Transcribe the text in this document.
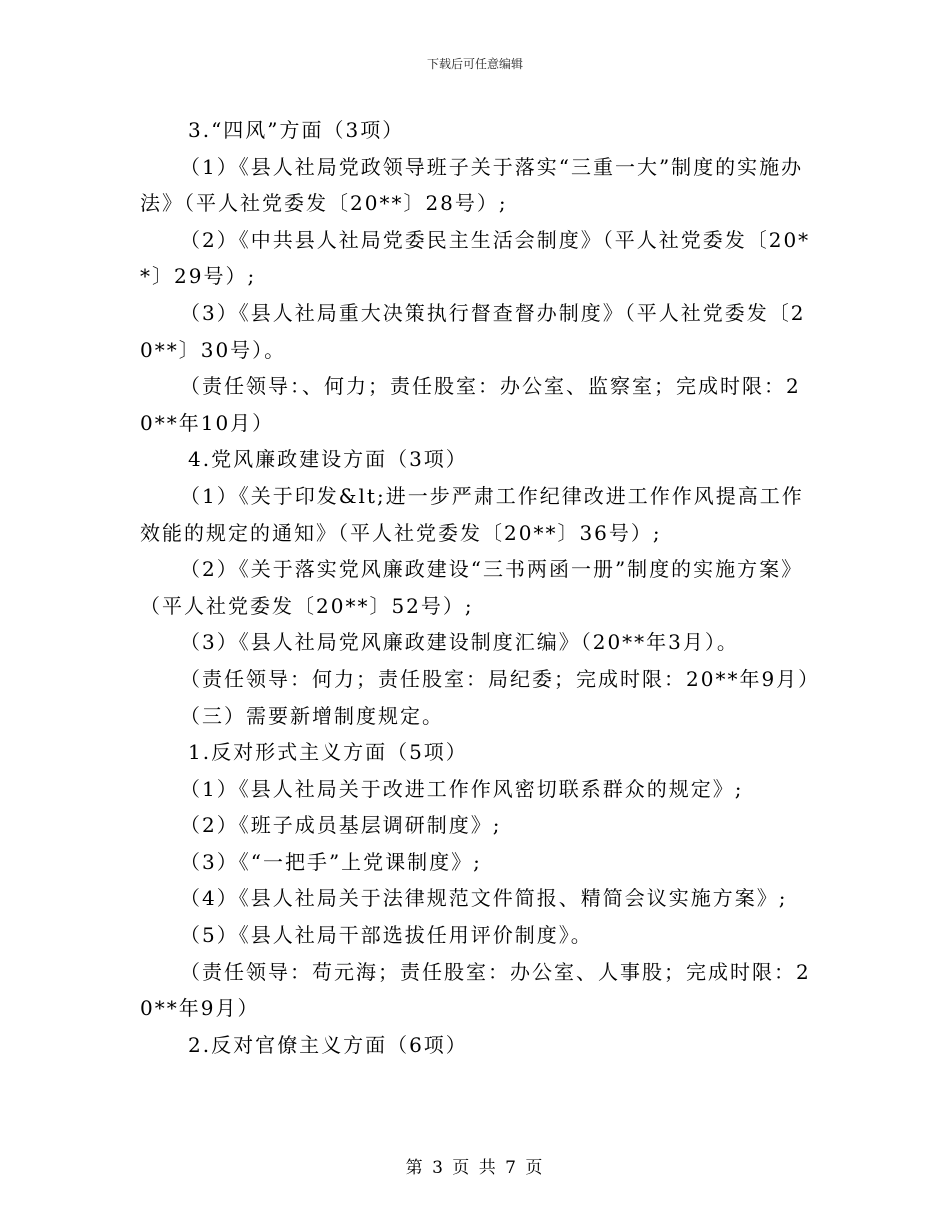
下载后可任意编辑

3.“四风”方面（3项）

（1）《县人社局党政领导班子关于落实“三重一大”制度的实施办法》（平人社党委发〔20**〕28号）;

（2）《中共县人社局党委民主生活会制度》（平人社党委发〔20**〕29号）;

（3）《县人社局重大决策执行督查督办制度》（平人社党委发〔20**〕30号）。

（责任领导：、何力；责任股室：办公室、监察室；完成时限：20**年10月）

4.党风廉政建设方面（3项）

（1）《关于印发&lt;进一步严肃工作纪律改进工作作风提高工作效能的规定的通知》（平人社党委发〔20**〕36号）;

（2）《关于落实党风廉政建设“三书两函一册”制度的实施方案》（平人社党委发〔20**〕52号）;

（3）《县人社局党风廉政建设制度汇编》（20**年3月）。

（责任领导：何力；责任股室：局纪委；完成时限：20**年9月）

（三）需要新增制度规定。

1.反对形式主义方面（5项）

（1）《县人社局关于改进工作作风密切联系群众的规定》;

（2）《班子成员基层调研制度》;

（3）《“一把手”上党课制度》;

（4）《县人社局关于法律规范文件简报、精简会议实施方案》;

（5）《县人社局干部选拔任用评价制度》。

（责任领导：苟元海；责任股室：办公室、人事股；完成时限：20**年9月）

2.反对官僚主义方面（6项）

第 3 页 共 7 页
